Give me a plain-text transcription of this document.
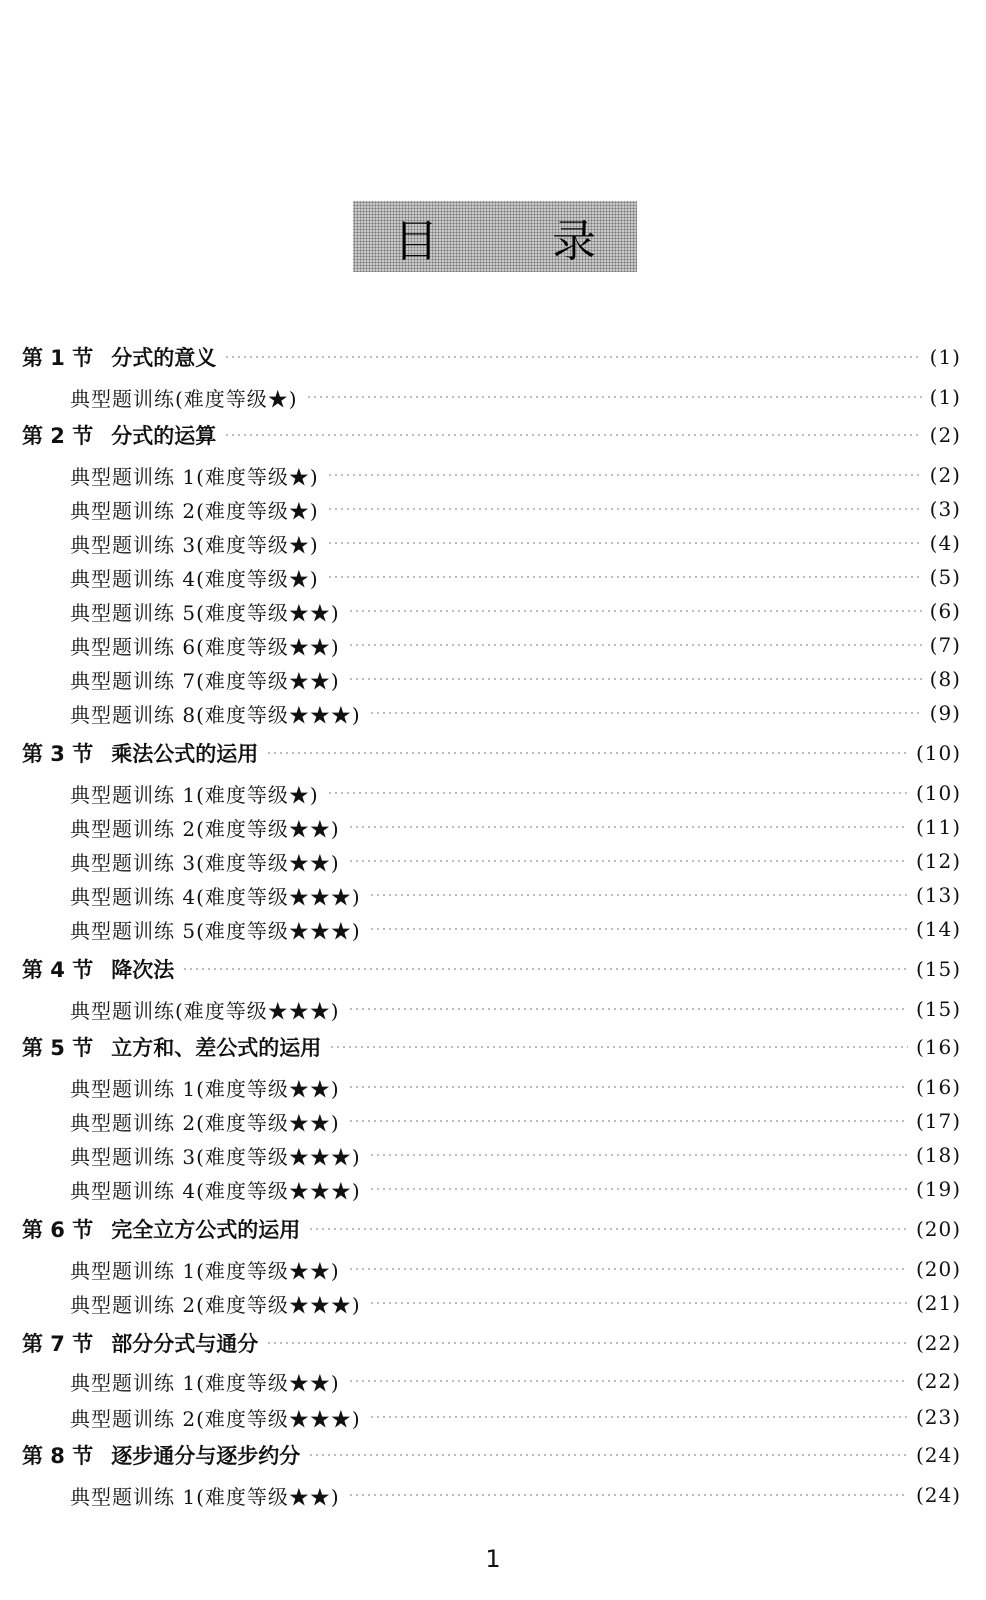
目 录
第 1 节 分式的意义	(1)
典型题训练(难度等级★)	(1)
第 2 节 分式的运算	(2)
典型题训练 1(难度等级★)	(2)
典型题训练 2(难度等级★)	(3)
典型题训练 3(难度等级★)	(4)
典型题训练 4(难度等级★)	(5)
典型题训练 5(难度等级★★)	(6)
典型题训练 6(难度等级★★)	(7)
典型题训练 7(难度等级★★)	(8)
典型题训练 8(难度等级★★★)	(9)
第 3 节 乘法公式的运用	(10)
典型题训练 1(难度等级★)	(10)
典型题训练 2(难度等级★★)	(11)
典型题训练 3(难度等级★★)	(12)
典型题训练 4(难度等级★★★)	(13)
典型题训练 5(难度等级★★★)	(14)
第 4 节 降次法	(15)
典型题训练(难度等级★★★)	(15)
第 5 节 立方和、差公式的运用	(16)
典型题训练 1(难度等级★★)	(16)
典型题训练 2(难度等级★★)	(17)
典型题训练 3(难度等级★★★)	(18)
典型题训练 4(难度等级★★★)	(19)
第 6 节 完全立方公式的运用	(20)
典型题训练 1(难度等级★★)	(20)
典型题训练 2(难度等级★★★)	(21)
第 7 节 部分分式与通分	(22)
典型题训练 1(难度等级★★)	(22)
典型题训练 2(难度等级★★★)	(23)
第 8 节 逐步通分与逐步约分	(24)
典型题训练 1(难度等级★★)	(24)
1
